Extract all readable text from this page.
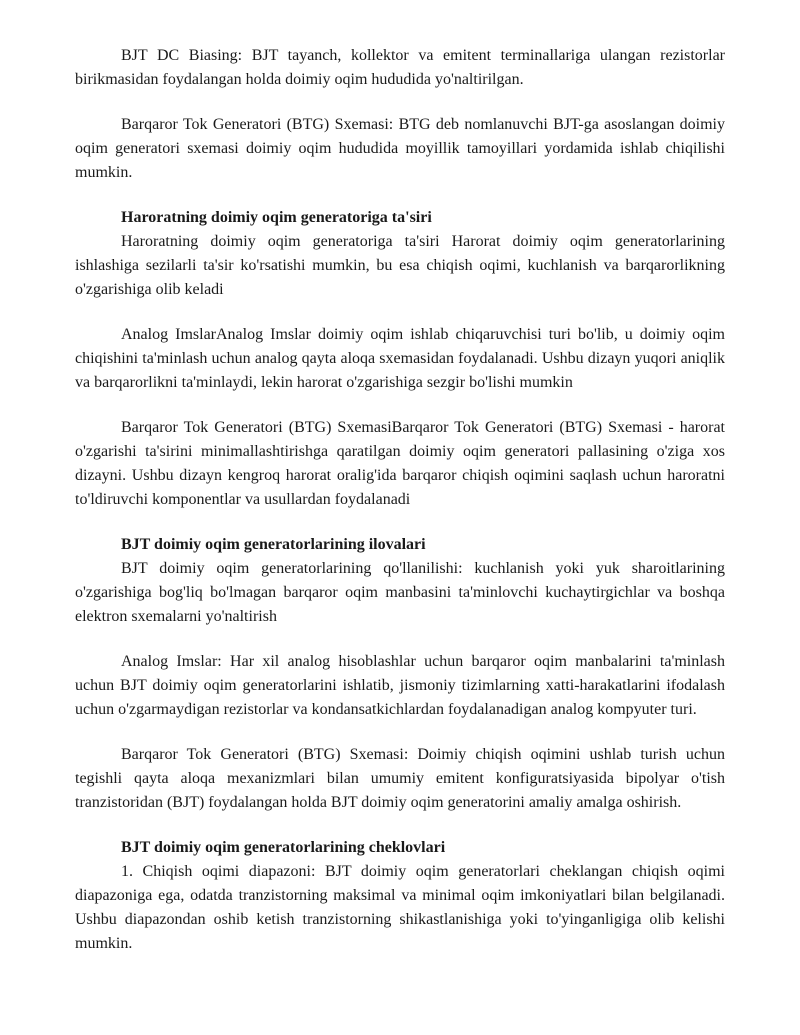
BJT DC Biasing: BJT tayanch, kollektor va emitent terminallariga ulangan rezistorlar birikmasidan foydalangan holda doimiy oqim hududida yo'naltirilgan.

Barqaror Tok Generatori (BTG) Sxemasi: BTG deb nomlanuvchi BJT-ga asoslangan doimiy oqim generatori sxemasi doimiy oqim hududida moyillik tamoyillari yordamida ishlab chiqilishi mumkin.

Haroratning doimiy oqim generatoriga ta'siri

Haroratning doimiy oqim generatoriga ta'siri Harorat doimiy oqim generatorlarining ishlashiga sezilarli ta'sir ko'rsatishi mumkin, bu esa chiqish oqimi, kuchlanish va barqarorlikning o'zgarishiga olib keladi

Analog ImslarAnalog Imslar doimiy oqim ishlab chiqaruvchisi turi bo'lib, u doimiy oqim chiqishini ta'minlash uchun analog qayta aloqa sxemasidan foydalanadi. Ushbu dizayn yuqori aniqlik va barqarorlikni ta'minlaydi, lekin harorat o'zgarishiga sezgir bo'lishi mumkin

Barqaror Tok Generatori (BTG) SxemasiBarqaror Tok Generatori (BTG) Sxemasi - harorat o'zgarishi ta'sirini minimallashtirishga qaratilgan doimiy oqim generatori pallasining o'ziga xos dizayni. Ushbu dizayn kengroq harorat oralig'ida barqaror chiqish oqimini saqlash uchun haroratni to'ldiruvchi komponentlar va usullardan foydalanadi

BJT doimiy oqim generatorlarining ilovalari

BJT doimiy oqim generatorlarining qo'llanilishi: kuchlanish yoki yuk sharoitlarining o'zgarishiga bog'liq bo'lmagan barqaror oqim manbasini ta'minlovchi kuchaytirgichlar va boshqa elektron sxemalarni yo'naltirish

Analog Imslar: Har xil analog hisoblashlar uchun barqaror oqim manbalarini ta'minlash uchun BJT doimiy oqim generatorlarini ishlatib, jismoniy tizimlarning xatti-harakatlarini ifodalash uchun o'zgarmaydigan rezistorlar va kondansatkichlardan foydalanadigan analog kompyuter turi.

Barqaror Tok Generatori (BTG) Sxemasi: Doimiy chiqish oqimini ushlab turish uchun tegishli qayta aloqa mexanizmlari bilan umumiy emitent konfiguratsiyasida bipolyar o'tish tranzistoridan (BJT) foydalangan holda BJT doimiy oqim generatorini amaliy amalga oshirish.

BJT doimiy oqim generatorlarining cheklovlari

1. Chiqish oqimi diapazoni: BJT doimiy oqim generatorlari cheklangan chiqish oqimi diapazoniga ega, odatda tranzistorning maksimal va minimal oqim imkoniyatlari bilan belgilanadi. Ushbu diapazondan oshib ketish tranzistorning shikastlanishiga yoki to'yinganligiga olib kelishi mumkin.
